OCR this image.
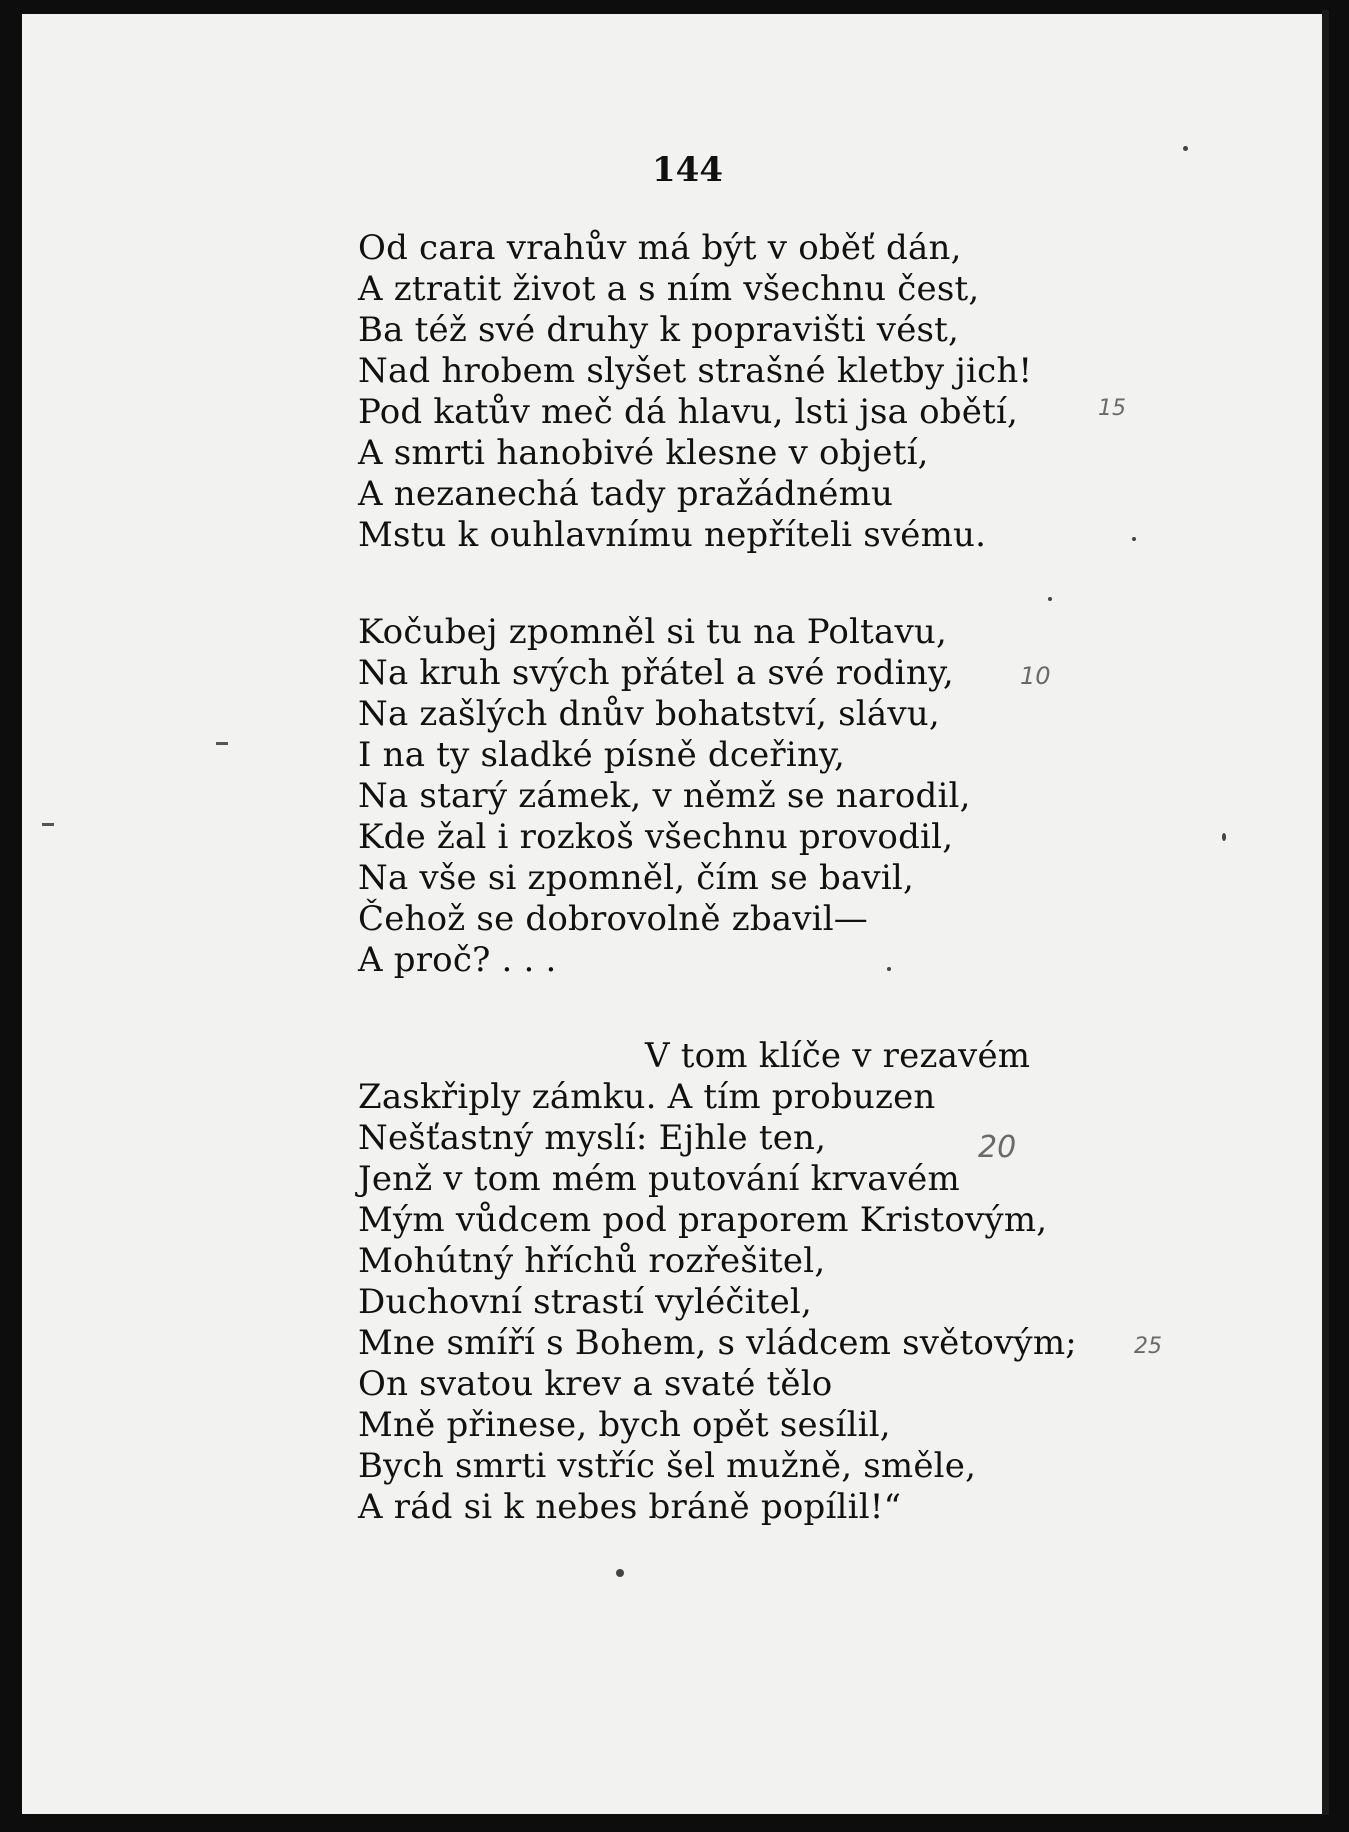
144
Od cara vrahův má být v oběť dán,
A ztratit život a s ním všechnu čest,
Ba též své druhy k popravišti vést,
Nad hrobem slyšet strašné kletby jich!
Pod katův meč dá hlavu, lsti jsa obětí,
A smrti hanobivé klesne v objetí,
A nezanechá tady pražádnému
Mstu k ouhlavnímu nepříteli svému.
Kočubej zpomněl si tu na Poltavu,
Na kruh svých přátel a své rodiny,
Na zašlých dnův bohatství, slávu,
I na ty sladké písně dceřiny,
Na starý zámek, v němž se narodil,
Kde žal i rozkoš všechnu provodil,
Na vše si zpomněl, čím se bavil,
Čehož se dobrovolně zbavil—
A proč? . . .
V tom klíče v rezavém
Zaskřiply zámku. A tím probuzen
Nešťastný myslí: Ejhle ten,
Jenž v tom mém putování krvavém
Mým vůdcem pod praporem Kristovým,
Mohútný hříchů rozřešitel,
Duchovní strastí vyléčitel,
Mne smíří s Bohem, s vládcem světovým;
On svatou krev a svaté tělo
Mně přinese, bych opět sesílil,
Bych smrti vstříc šel mužně, směle,
A rád si k nebes bráně popílil!“
15
10
20
25
